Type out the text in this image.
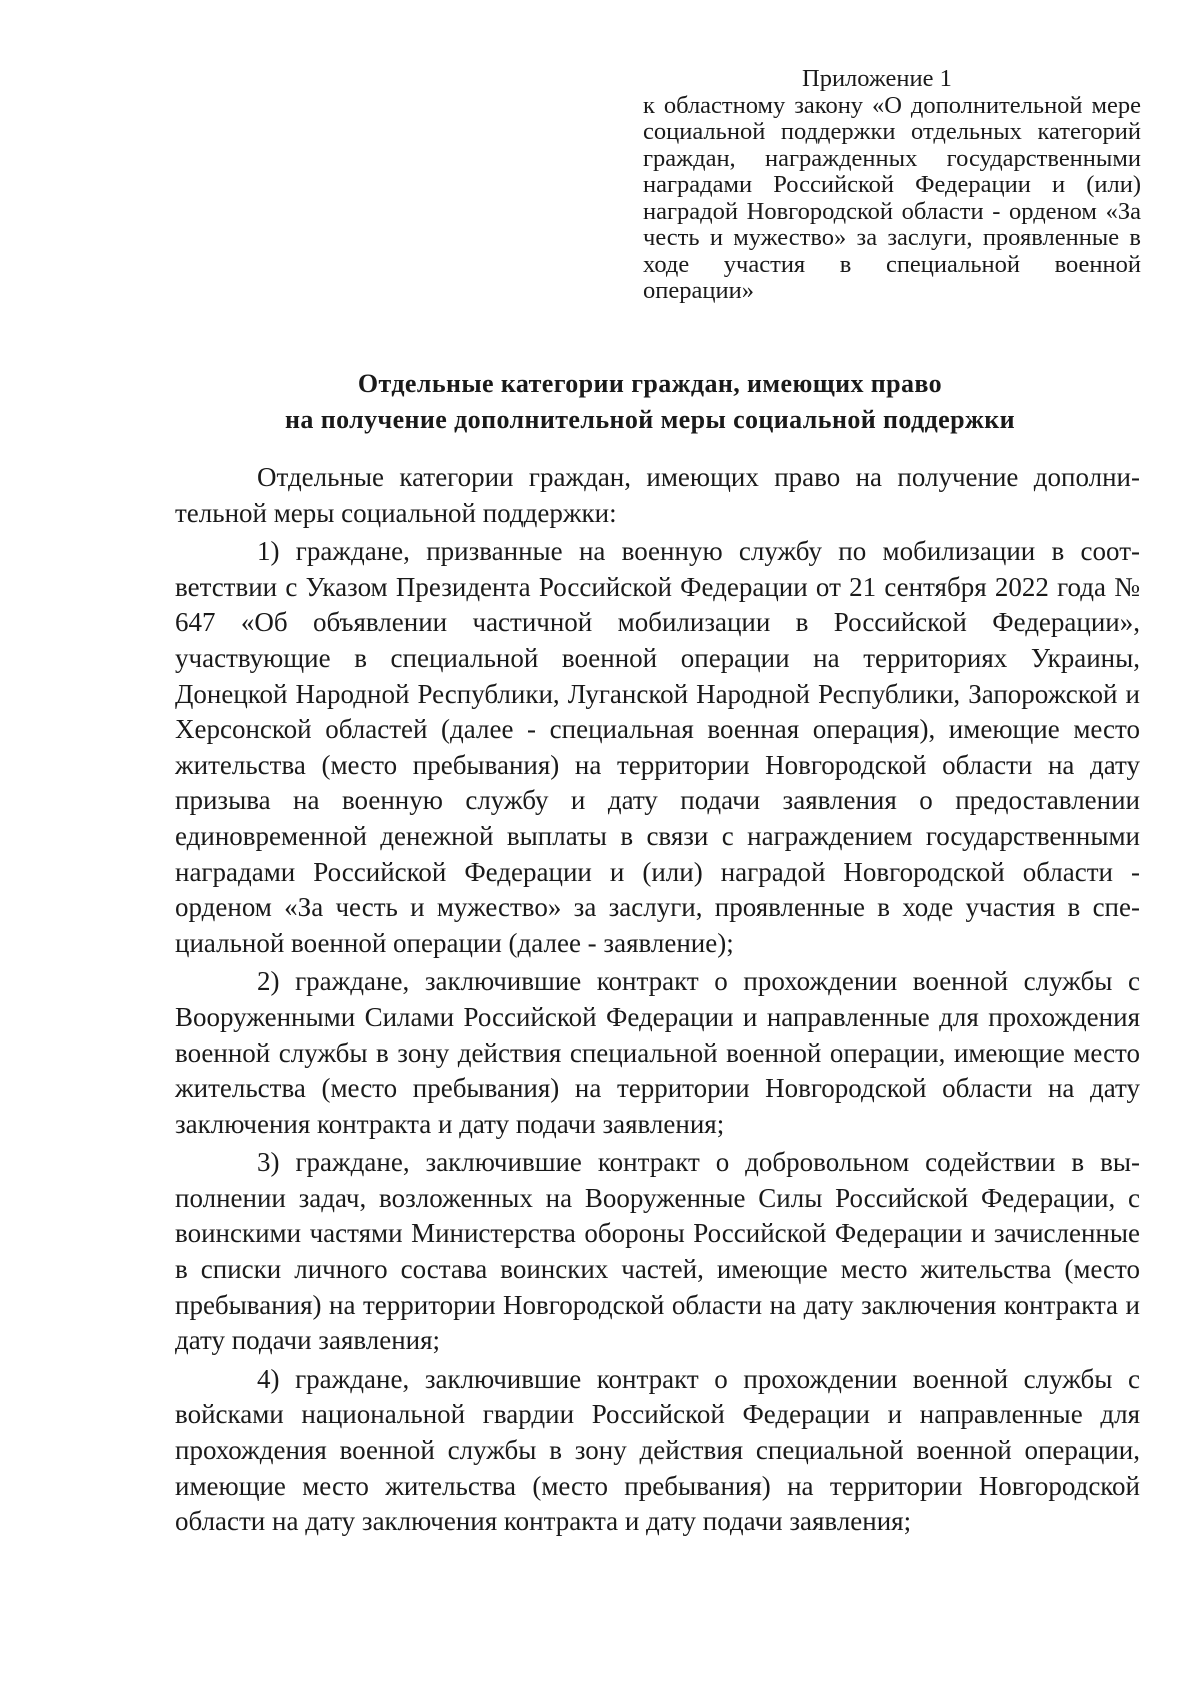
Приложение 1
к областному закону «О дополнительной мере социальной поддержки отдельных категорий граждан, награжденных государственными наградами Российской Федерации и (или) наградой Новгородской области - орденом «За честь и мужество» за заслуги, проявленные в ходе участия в специальной военной операции»
Отдельные категории граждан, имеющих право
на получение дополнительной меры социальной поддержки

Отдельные категории граждан, имеющих право на получение дополнительной меры социальной поддержки:

1) граждане, призванные на военную службу по мобилизации в соответствии с Указом Президента Российской Федерации от 21 сентября 2022 года № 647 «Об объявлении частичной мобилизации в Российской Федерации», участвующие в специальной военной операции на территориях Украины, Донецкой Народной Республики, Луганской Народной Республики, Запорожской и Херсонской областей (далее - специальная военная операция), имеющие место жительства (место пребывания) на территории Новгородской области на дату призыва на военную службу и дату подачи заявления о предоставлении единовременной денежной выплаты в связи с награждением государственными наградами Российской Федерации и (или) наградой Новгородской области - орденом «За честь и мужество» за заслуги, проявленные в ходе участия в специальной военной операции (далее - заявление);

2) граждане, заключившие контракт о прохождении военной службы с Вооруженными Силами Российской Федерации и направленные для прохождения военной службы в зону действия специальной военной операции, имеющие место жительства (место пребывания) на территории Новгородской области на дату заключения контракта и дату подачи заявления;

3) граждане, заключившие контракт о добровольном содействии в выполнении задач, возложенных на Вооруженные Силы Российской Федерации, с воинскими частями Министерства обороны Российской Федерации и зачисленные в списки личного состава воинских частей, имеющие место жительства (место пребывания) на территории Новгородской области на дату заключения контракта и дату подачи заявления;

4) граждане, заключившие контракт о прохождении военной службы с войсками национальной гвардии Российской Федерации и направленные для прохождения военной службы в зону действия специальной военной операции, имеющие место жительства (место пребывания) на территории Новгородской области на дату заключения контракта и дату подачи заявления;
